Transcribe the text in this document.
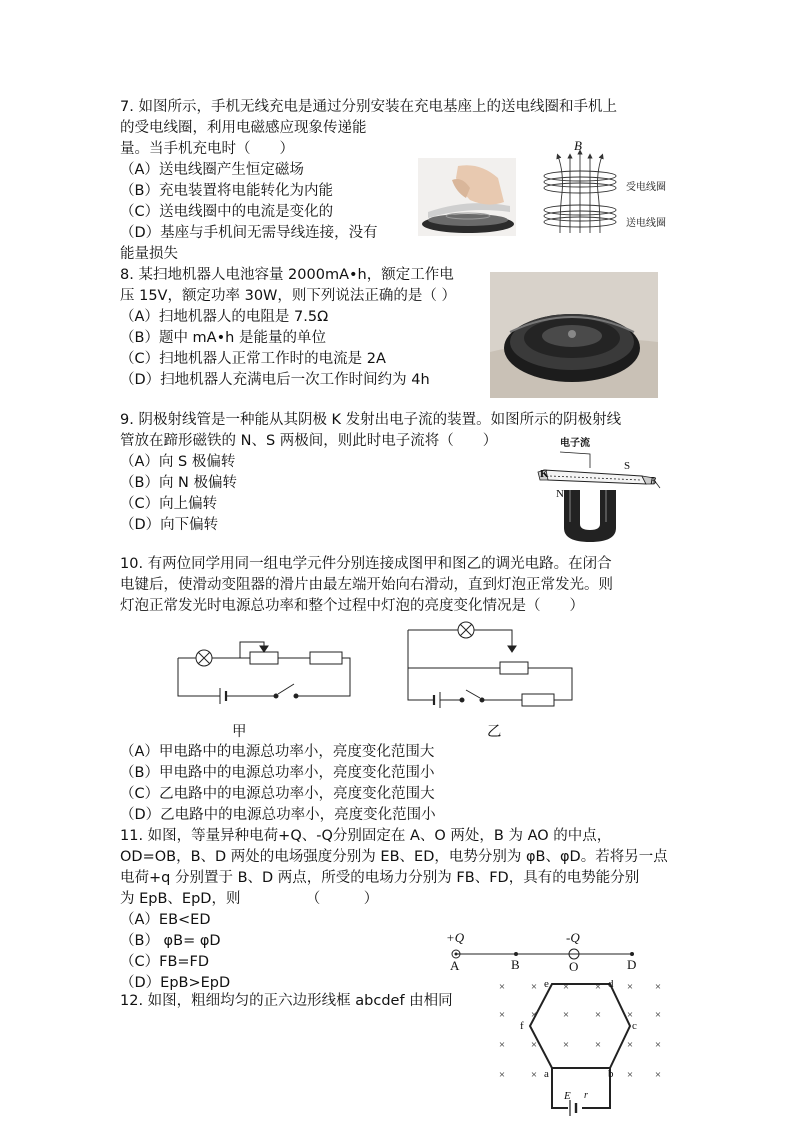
7. 如图所示，手机无线充电是通过分别安装在充电基座上的送电线圈和手机上
的受电线圈，利用电磁感应现象传递能
量。当手机充电时（　　）
（A）送电线圈产生恒定磁场
（B）充电装置将电能转化为内能
（C）送电线圈中的电流是变化的
（D）基座与手机间无需导线连接，没有
能量损失
B
受电线圈
送电线圈
8. 某扫地机器人电池容量 2000mA•h，额定工作电
压 15V，额定功率 30W，则下列说法正确的是（ ）
（A）扫地机器人的电阻是 7.5Ω
（B）题中 mA•h 是能量的单位
（C）扫地机器人正常工作时的电流是 2A
（D）扫地机器人充满电后一次工作时间约为 4h
9. 阴极射线管是一种能从其阴极 K 发射出电子流的装置。如图所示的阴极射线
管放在蹄形磁铁的 N、S 两极间，则此时电子流将（　　）
（A）向 S 极偏转
（B）向 N 极偏转
（C）向上偏转
（D）向下偏转
电子流
K
S
N
B
10. 有两位同学用同一组电学元件分别连接成图甲和图乙的调光电路。在闭合
电键后，使滑动变阻器的滑片由最左端开始向右滑动，直到灯泡正常发光。则
灯泡正常发光时电源总功率和整个过程中灯泡的亮度变化情况是（　　）
甲	乙
（A）甲电路中的电源总功率小，亮度变化范围大
（B）甲电路中的电源总功率小，亮度变化范围小
（C）乙电路中的电源总功率小，亮度变化范围大
（D）乙电路中的电源总功率小，亮度变化范围小
11. 如图，等量异种电荷+Q、-Q分别固定在 A、O 两处，B 为 AO 的中点，
OD=OB，B、D 两处的电场强度分别为 EB、ED，电势分别为 φB、φD。若将另一点
电荷+q 分别置于 B、D 两点，所受的电场力分别为 FB、FD，具有的电势能分别
为 EpB、EpD，则　　　　　（　　　）
（A）EB<ED
（B） φB= φD
（C）FB=FD
（D）EpB>EpD
+Q	-Q
A	B	O	D
12. 如图，粗细均匀的正六边形线框 abcdef 由相同
× × × × × ×
× × × × × ×
× × × × × ×
× ×	× ×
e	d
f	c
a	b
E r
